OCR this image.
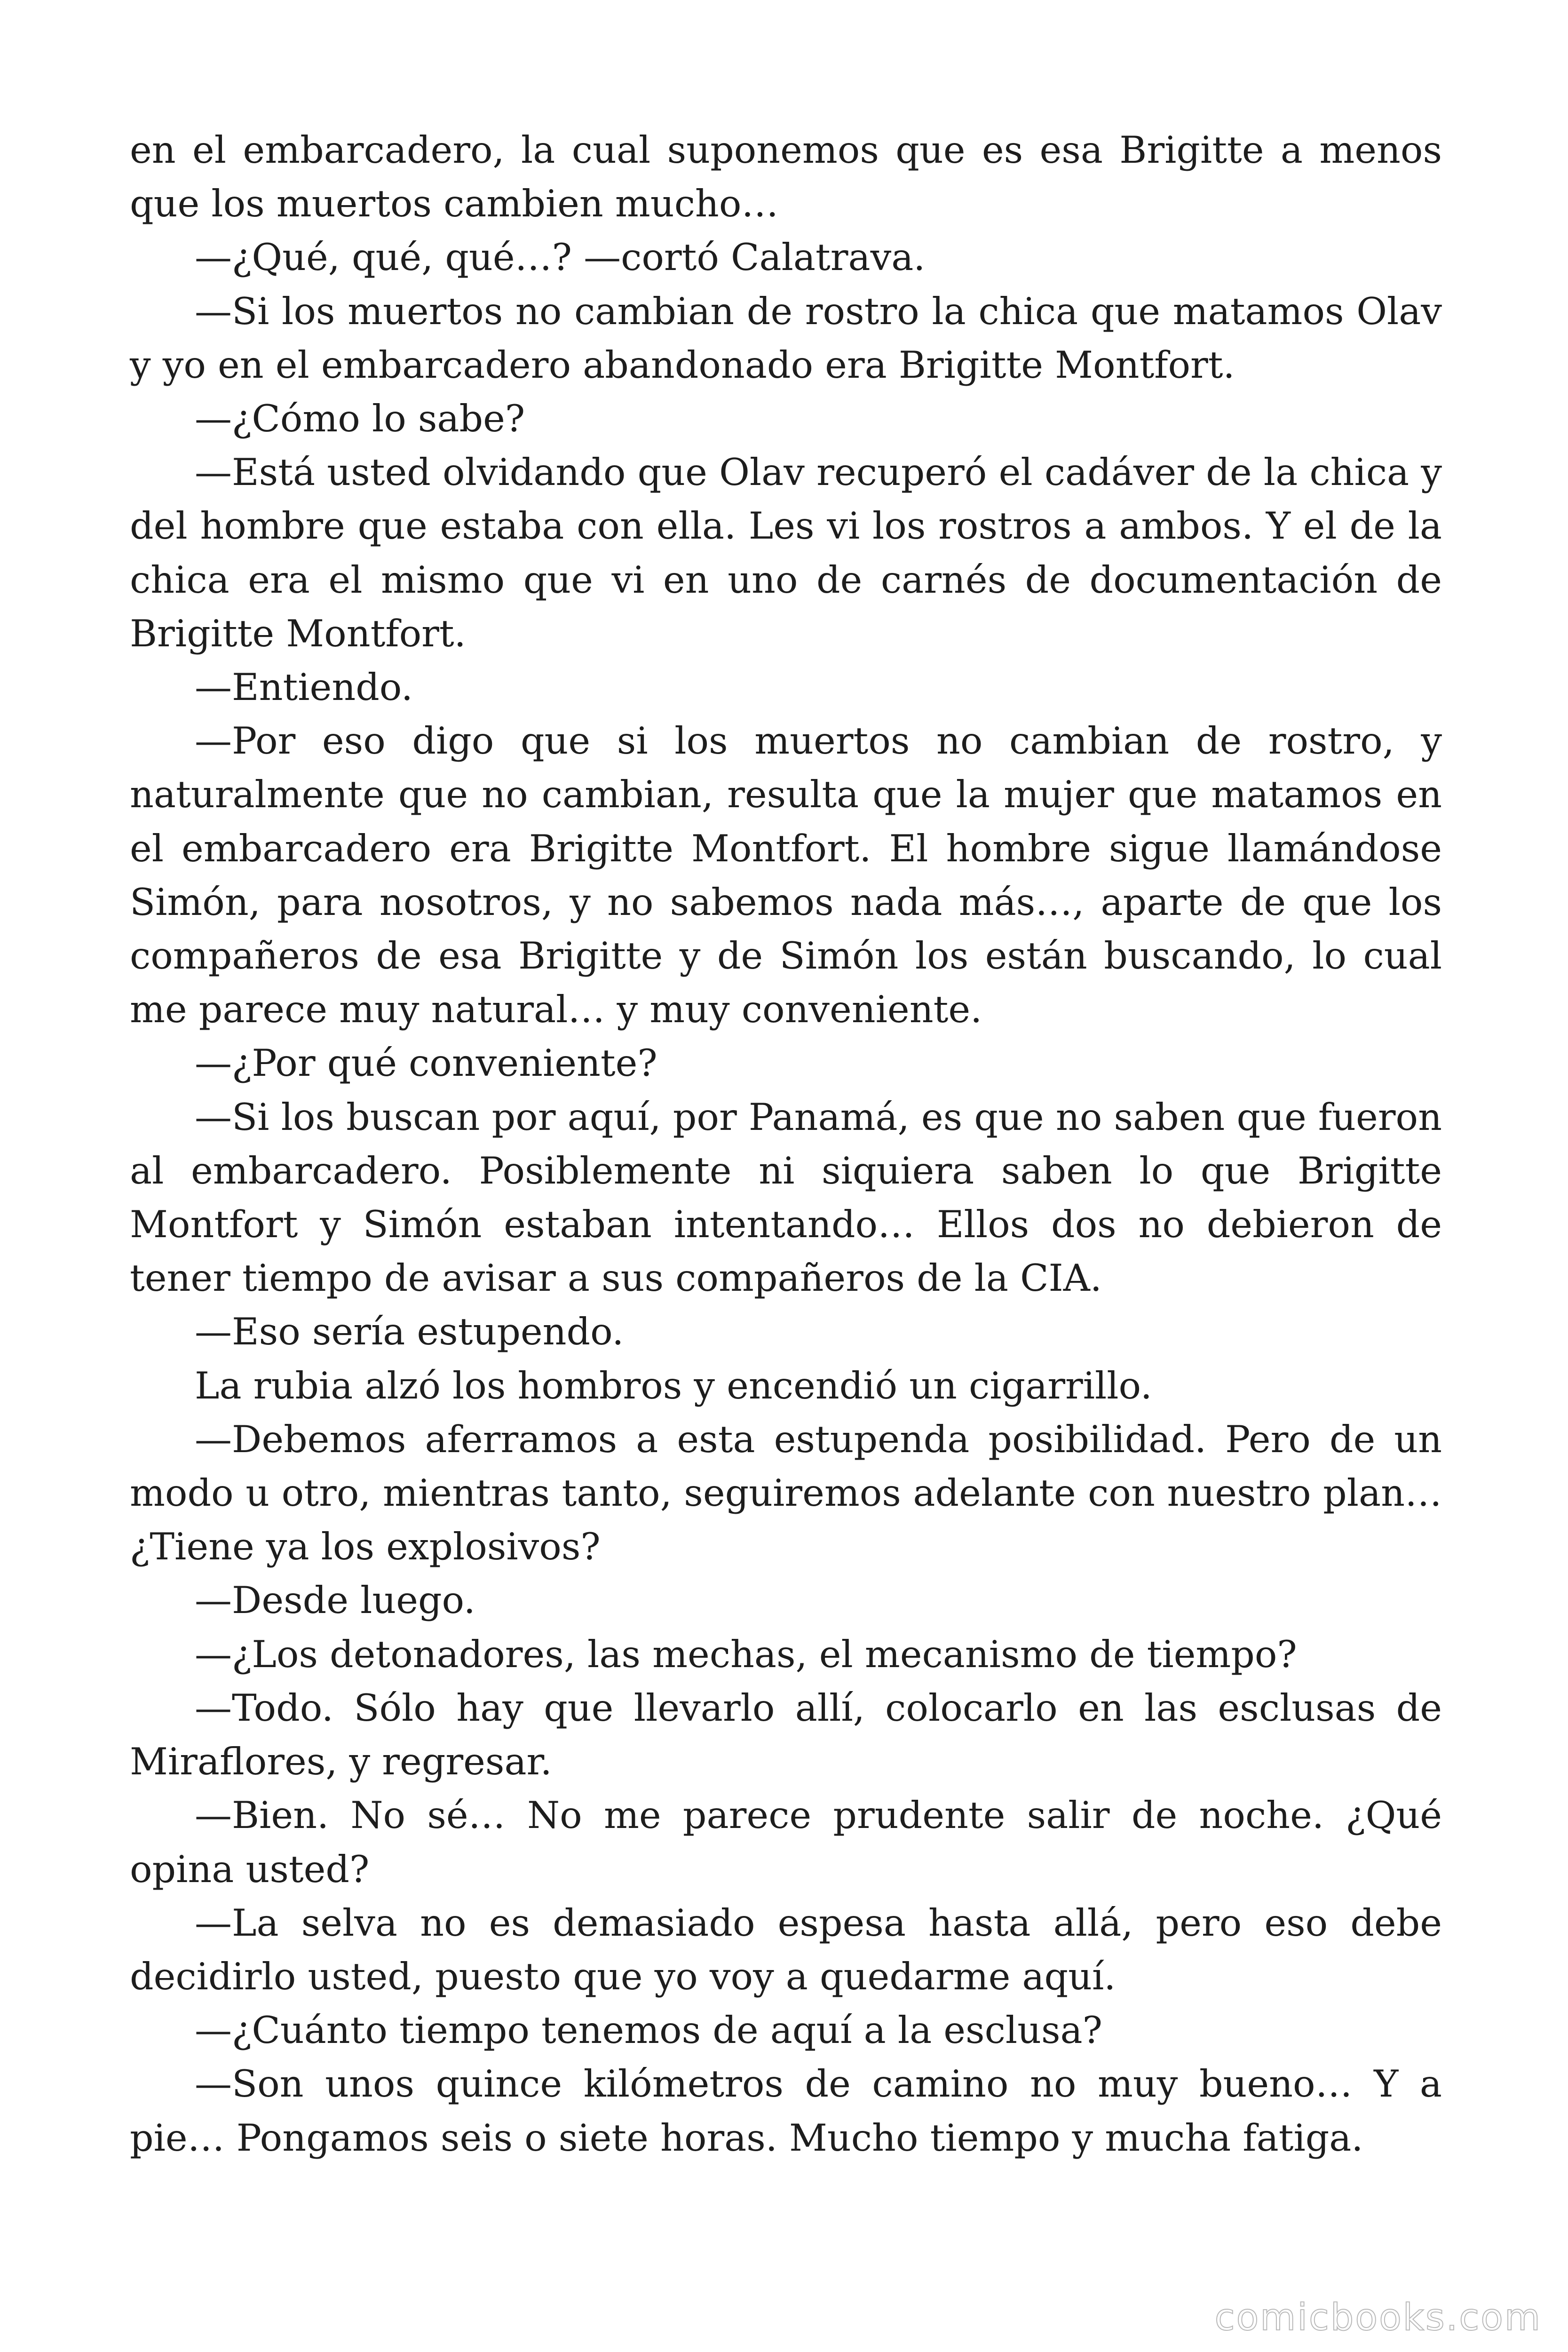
en el embarcadero, la cual suponemos que es esa Brigitte a menos que los muertos cambien mucho…

—¿Qué, qué, qué…? —cortó Calatrava.

—Si los muertos no cambian de rostro la chica que matamos Olav y yo en el embarcadero abandonado era Brigitte Montfort.

—¿Cómo lo sabe?

—Está usted olvidando que Olav recuperó el cadáver de la chica y del hombre que estaba con ella. Les vi los rostros a ambos. Y el de la chica era el mismo que vi en uno de carnés de documentación de Brigitte Montfort.

—Entiendo.

—Por eso digo que si los muertos no cambian de rostro, y naturalmente que no cambian, resulta que la mujer que matamos en el embarcadero era Brigitte Montfort. El hombre sigue llamándose Simón, para nosotros, y no sabemos nada más…, aparte de que los compañeros de esa Brigitte y de Simón los están buscando, lo cual me parece muy natural… y muy conveniente.

—¿Por qué conveniente?

—Si los buscan por aquí, por Panamá, es que no saben que fueron al embarcadero. Posiblemente ni siquiera saben lo que Brigitte Montfort y Simón estaban intentando… Ellos dos no debieron de tener tiempo de avisar a sus compañeros de la CIA.

—Eso sería estupendo.

La rubia alzó los hombros y encendió un cigarrillo.

—Debemos aferramos a esta estupenda posibilidad. Pero de un modo u otro, mientras tanto, seguiremos adelante con nuestro plan… ¿Tiene ya los explosivos?

—Desde luego.

—¿Los detonadores, las mechas, el mecanismo de tiempo?

—Todo. Sólo hay que llevarlo allí, colocarlo en las esclusas de Miraflores, y regresar.

—Bien. No sé… No me parece prudente salir de noche. ¿Qué opina usted?

—La selva no es demasiado espesa hasta allá, pero eso debe decidirlo usted, puesto que yo voy a quedarme aquí.

—¿Cuánto tiempo tenemos de aquí a la esclusa?

—Son unos quince kilómetros de camino no muy bueno… Y a pie… Pongamos seis o siete horas. Mucho tiempo y mucha fatiga.

comicbooks.com
